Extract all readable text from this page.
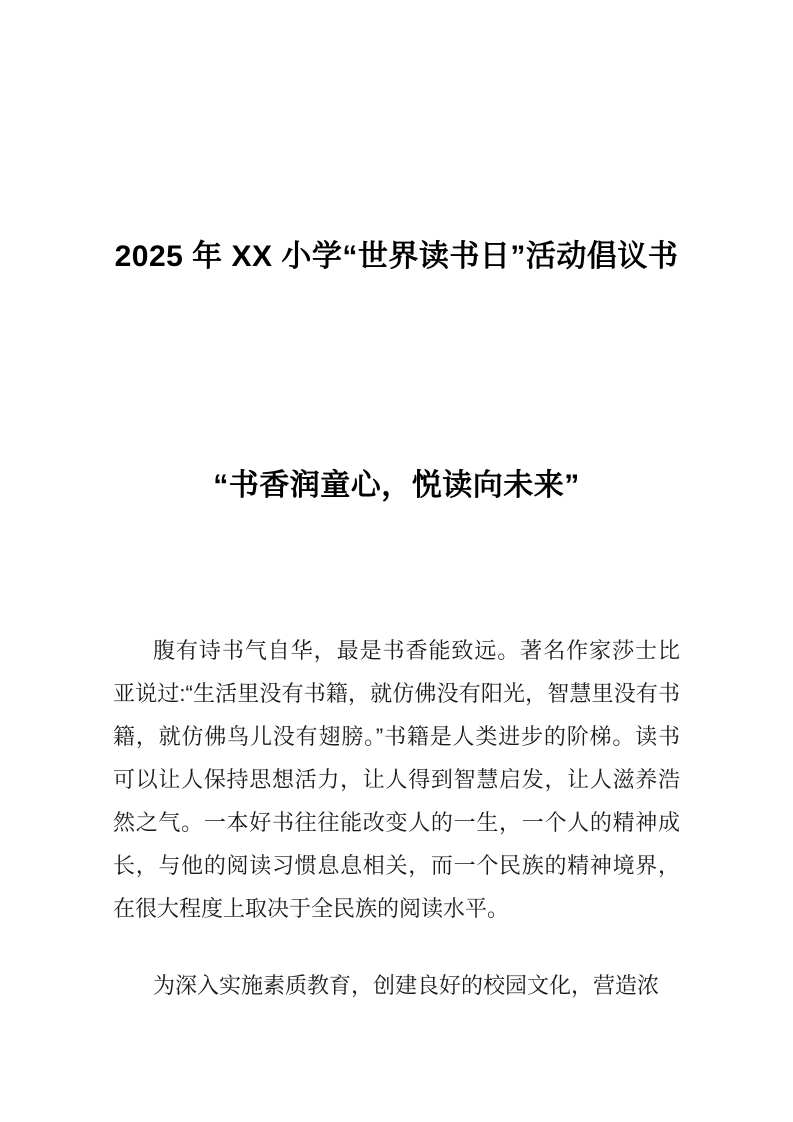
2025 年 XX 小学“世界读书日”活动倡议书
“书香润童心，悦读向未来”

腹有诗书气自华，最是书香能致远。著名作家莎士比亚说过:“生活里没有书籍，就仿佛没有阳光，智慧里没有书籍，就仿佛鸟儿没有翅膀。”书籍是人类进步的阶梯。读书可以让人保持思想活力，让人得到智慧启发，让人滋养浩然之气。一本好书往往能改变人的一生，一个人的精神成长，与他的阅读习惯息息相关，而一个民族的精神境界，在很大程度上取决于全民族的阅读水平。

为深入实施素质教育，创建良好的校园文化，营造浓
